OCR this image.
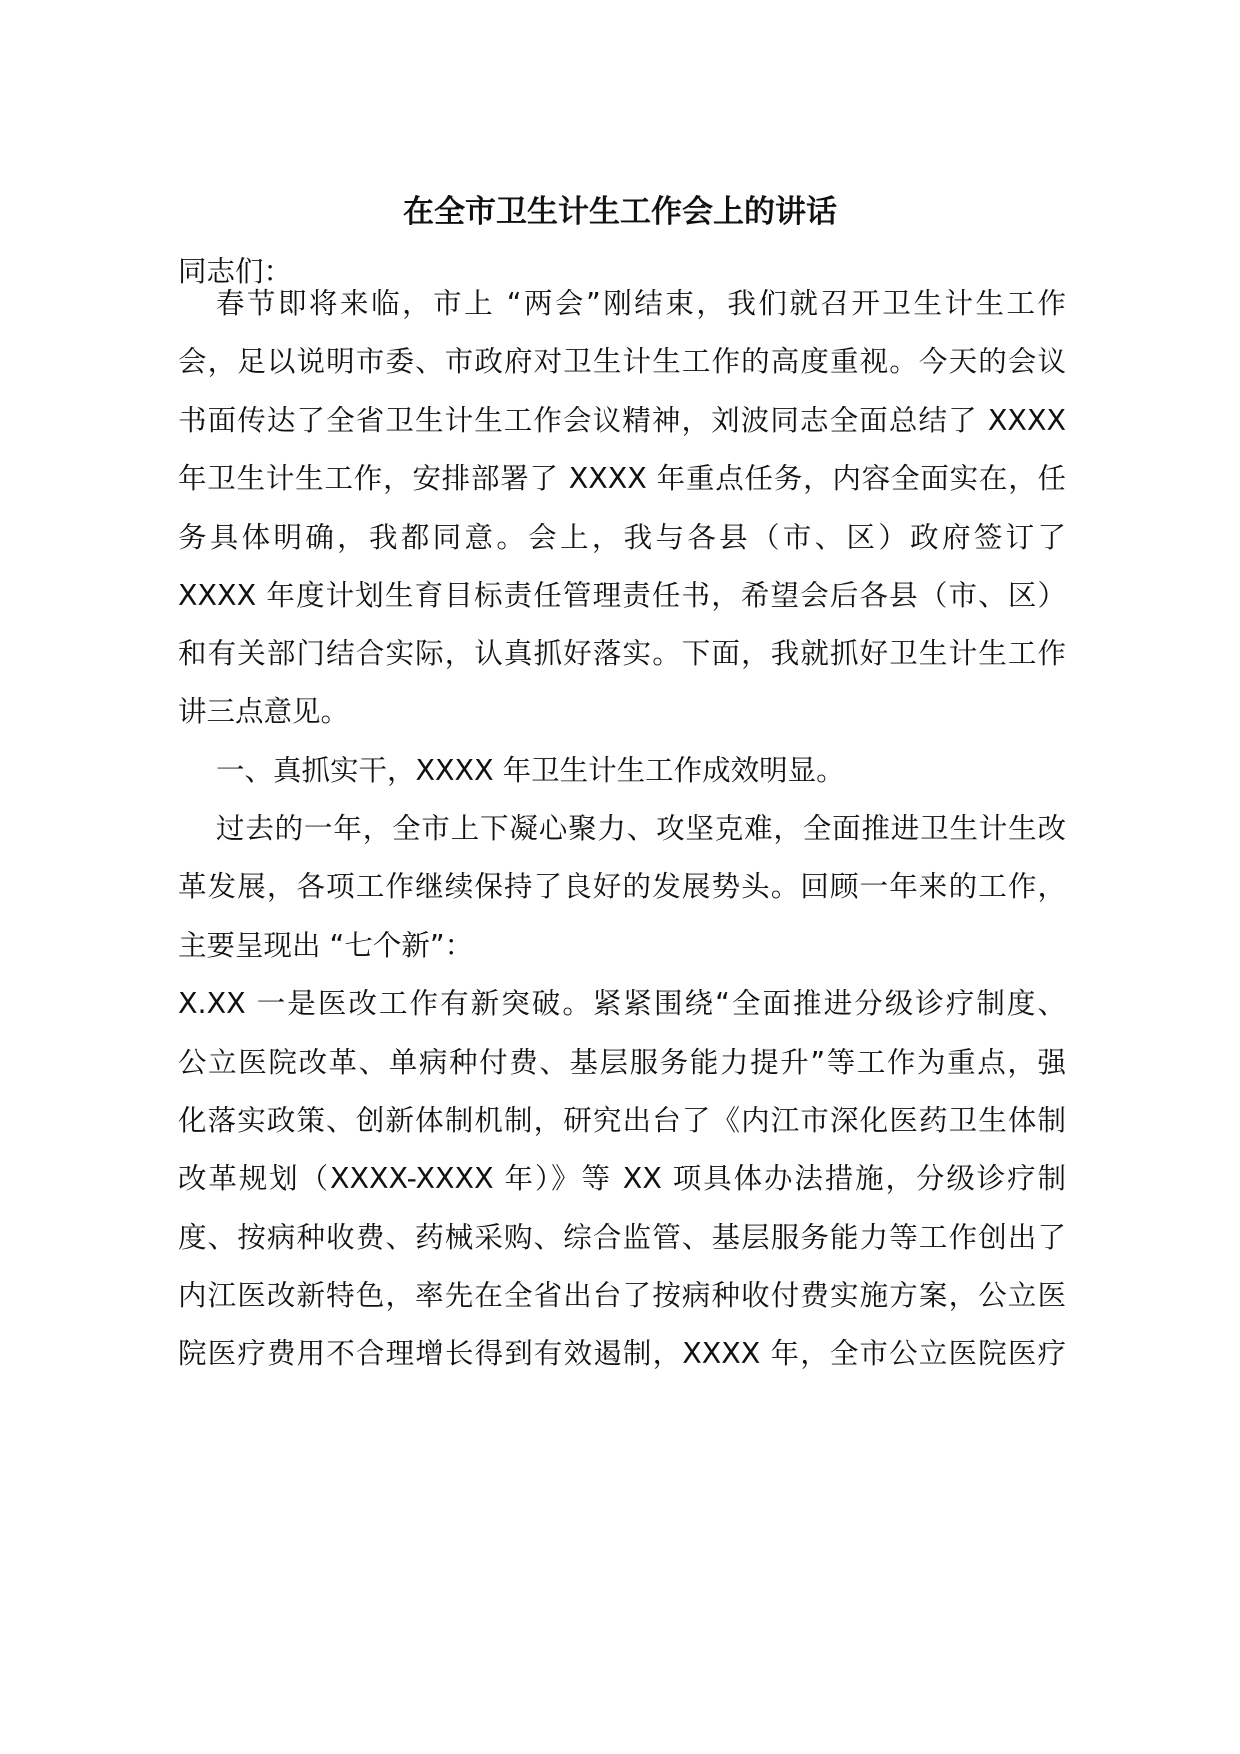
在全市卫生计生工作会上的讲话
同志们：
春节即将来临，市上 “两会”刚结束，我们就召开卫生计生工作
会，足以说明市委、市政府对卫生计生工作的高度重视。今天的会议
书面传达了全省卫生计生工作会议精神，刘波同志全面总结了 XXXX
年卫生计生工作，安排部署了 XXXX 年重点任务，内容全面实在，任
务具体明确，我都同意。会上，我与各县（市、区）政府签订了
XXXX 年度计划生育目标责任管理责任书，希望会后各县（市、区）
和有关部门结合实际，认真抓好落实。下面，我就抓好卫生计生工作
讲三点意见。
一、真抓实干，XXXX 年卫生计生工作成效明显。
过去的一年，全市上下凝心聚力、攻坚克难，全面推进卫生计生改
革发展，各项工作继续保持了良好的发展势头。回顾一年来的工作，
主要呈现出 “七个新”：
X.XX 一是医改工作有新突破。紧紧围绕“全面推进分级诊疗制度、
公立医院改革、单病种付费、基层服务能力提升”等工作为重点，强
化落实政策、创新体制机制，研究出台了《内江市深化医药卫生体制
改革规划（XXXX-XXXX 年）》等 XX 项具体办法措施，分级诊疗制
度、按病种收费、药械采购、综合监管、基层服务能力等工作创出了
内江医改新特色，率先在全省出台了按病种收付费实施方案，公立医
院医疗费用不合理增长得到有效遏制，XXXX 年，全市公立医院医疗
